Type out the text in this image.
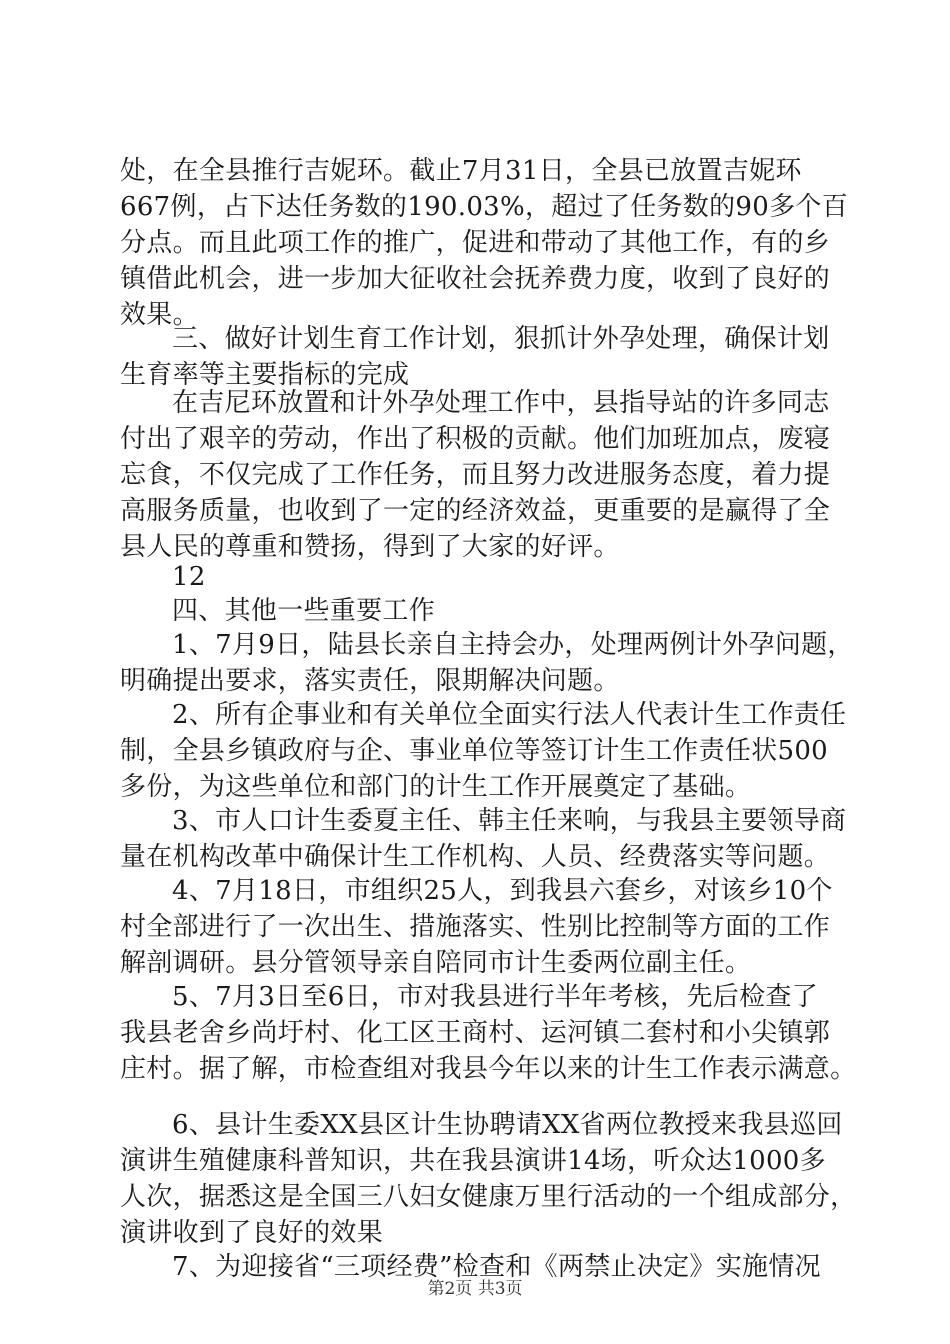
处，在全县推行吉妮环。截止7月31日，全县已放置吉妮环
667例，占下达任务数的190.03%，超过了任务数的90多个百
分点。而且此项工作的推广，促进和带动了其他工作，有的乡
镇借此机会，进一步加大征收社会抚养费力度，收到了良好的
效果。
三、做好计划生育工作计划，狠抓计外孕处理，确保计划
生育率等主要指标的完成
在吉尼环放置和计外孕处理工作中，县指导站的许多同志
付出了艰辛的劳动，作出了积极的贡献。他们加班加点，废寝
忘食，不仅完成了工作任务，而且努力改进服务态度，着力提
高服务质量，也收到了一定的经济效益，更重要的是赢得了全
县人民的尊重和赞扬，得到了大家的好评。
12
四、其他一些重要工作
1、7月9日，陆县长亲自主持会办，处理两例计外孕问题，
明确提出要求，落实责任，限期解决问题。
2、所有企事业和有关单位全面实行法人代表计生工作责任
制，全县乡镇政府与企、事业单位等签订计生工作责任状500
多份，为这些单位和部门的计生工作开展奠定了基础。
3、市人口计生委夏主任、韩主任来响，与我县主要领导商
量在机构改革中确保计生工作机构、人员、经费落实等问题。
4、7月18日，市组织25人，到我县六套乡，对该乡10个
村全部进行了一次出生、措施落实、性别比控制等方面的工作
解剖调研。县分管领导亲自陪同市计生委两位副主任。
5、7月3日至6日，市对我县进行半年考核，先后检查了
我县老舍乡尚圩村、化工区王商村、运河镇二套村和小尖镇郭
庄村。据了解，市检查组对我县今年以来的计生工作表示满意。
6、县计生委XX县区计生协聘请XX省两位教授来我县巡回
演讲生殖健康科普知识，共在我县演讲14场，听众达1000多
人次，据悉这是全国三八妇女健康万里行活动的一个组成部分，
演讲收到了良好的效果
7、为迎接省“三项经费”检查和《两禁止决定》实施情况
第2页 共3页
